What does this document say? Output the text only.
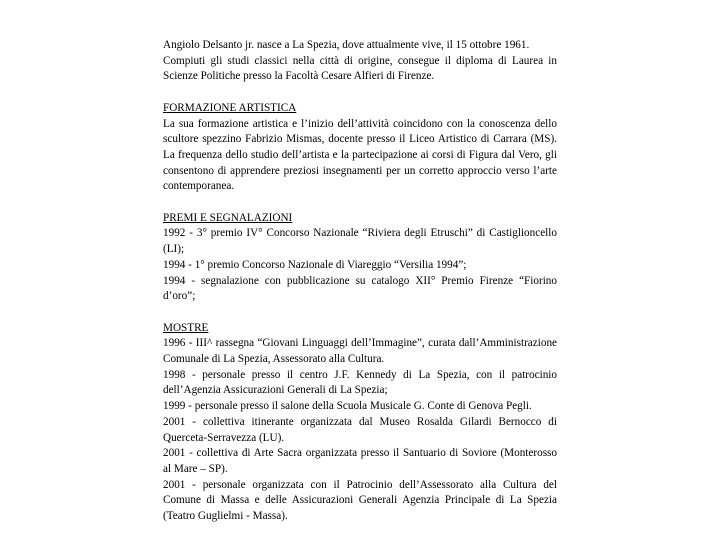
Angiolo Delsanto jr. nasce a La Spezia, dove attualmente vive, il 15 ottobre 1961.

Compiuti gli studi classici nella città di origine, consegue il diploma di Laurea in Scienze Politiche presso la Facoltà Cesare Alfieri di Firenze.

FORMAZIONE ARTISTICA

La sua formazione artistica e l’inizio dell’attività coincidono con la conoscenza dello scultore spezzino Fabrizio Mismas, docente presso il Liceo Artistico di Carrara (MS). La frequenza dello studio dell’artista e la partecipazione ai corsi di Figura dal Vero, gli consentono di apprendere preziosi insegnamenti per un corretto approccio verso l’arte contemporanea.

PREMI E SEGNALAZIONI

1992 - 3° premio IV° Concorso Nazionale “Riviera degli Etruschi” di Castiglioncello (LI);

1994 - 1° premio Concorso Nazionale di Viareggio “Versilia 1994”;

1994 - segnalazione con pubblicazione su catalogo XII° Premio Firenze “Fiorino d’oro”;

MOSTRE

1996 - III^ rassegna “Giovani Linguaggi dell’Immagine”, curata dall’Amministrazione Comunale di La Spezia, Assessorato alla Cultura.

1998 - personale presso il centro J.F. Kennedy di La Spezia, con il patrocinio dell’Agenzia Assicurazioni Generali di La Spezia;

1999 - personale presso il salone della Scuola Musicale G. Conte di Genova Pegli.

2001 - collettiva itinerante organizzata dal Museo Rosalda Gilardi Bernocco di Querceta-Serravezza (LU).

2001 - collettiva di Arte Sacra organizzata presso il Santuario di Soviore (Monterosso al Mare – SP).

2001 - personale organizzata con il Patrocinio dell’Assessorato alla Cultura del Comune di Massa e delle Assicurazioni Generali Agenzia Principale di La Spezia (Teatro Guglielmi - Massa).
